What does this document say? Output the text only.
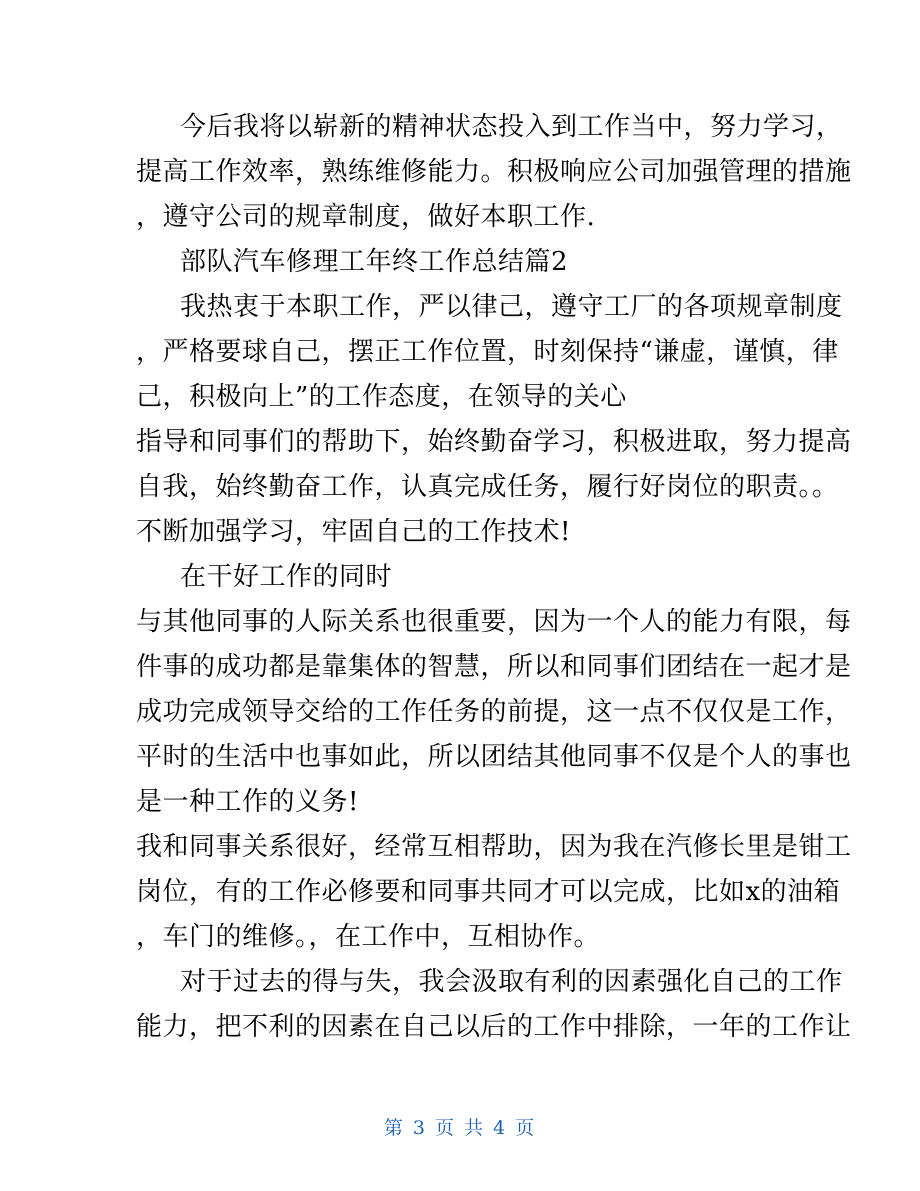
今后我将以崭新的精神状态投入到工作当中，努力学习，
提高工作效率，熟练维修能力。积极响应公司加强管理的措施
，遵守公司的规章制度，做好本职工作.
部队汽车修理工年终工作总结篇2
我热衷于本职工作，严以律己，遵守工厂的各项规章制度
，严格要球自己，摆正工作位置，时刻保持“谦虚，谨慎，律
己，积极向上”的工作态度，在领导的关心
指导和同事们的帮助下，始终勤奋学习，积极进取，努力提高
自我，始终勤奋工作，认真完成任务，履行好岗位的职责。。
不断加强学习，牢固自己的工作技术!
在干好工作的同时
与其他同事的人际关系也很重要，因为一个人的能力有限，每
件事的成功都是靠集体的智慧，所以和同事们团结在一起才是
成功完成领导交给的工作任务的前提，这一点不仅仅是工作，
平时的生活中也事如此，所以团结其他同事不仅是个人的事也
是一种工作的义务!
我和同事关系很好，经常互相帮助，因为我在汽修长里是钳工
岗位，有的工作必修要和同事共同才可以完成，比如x的油箱
，车门的维修。，在工作中，互相协作。
对于过去的得与失，我会汲取有利的因素强化自己的工作
能力，把不利的因素在自己以后的工作中排除，一年的工作让
第 3 页 共 4 页
